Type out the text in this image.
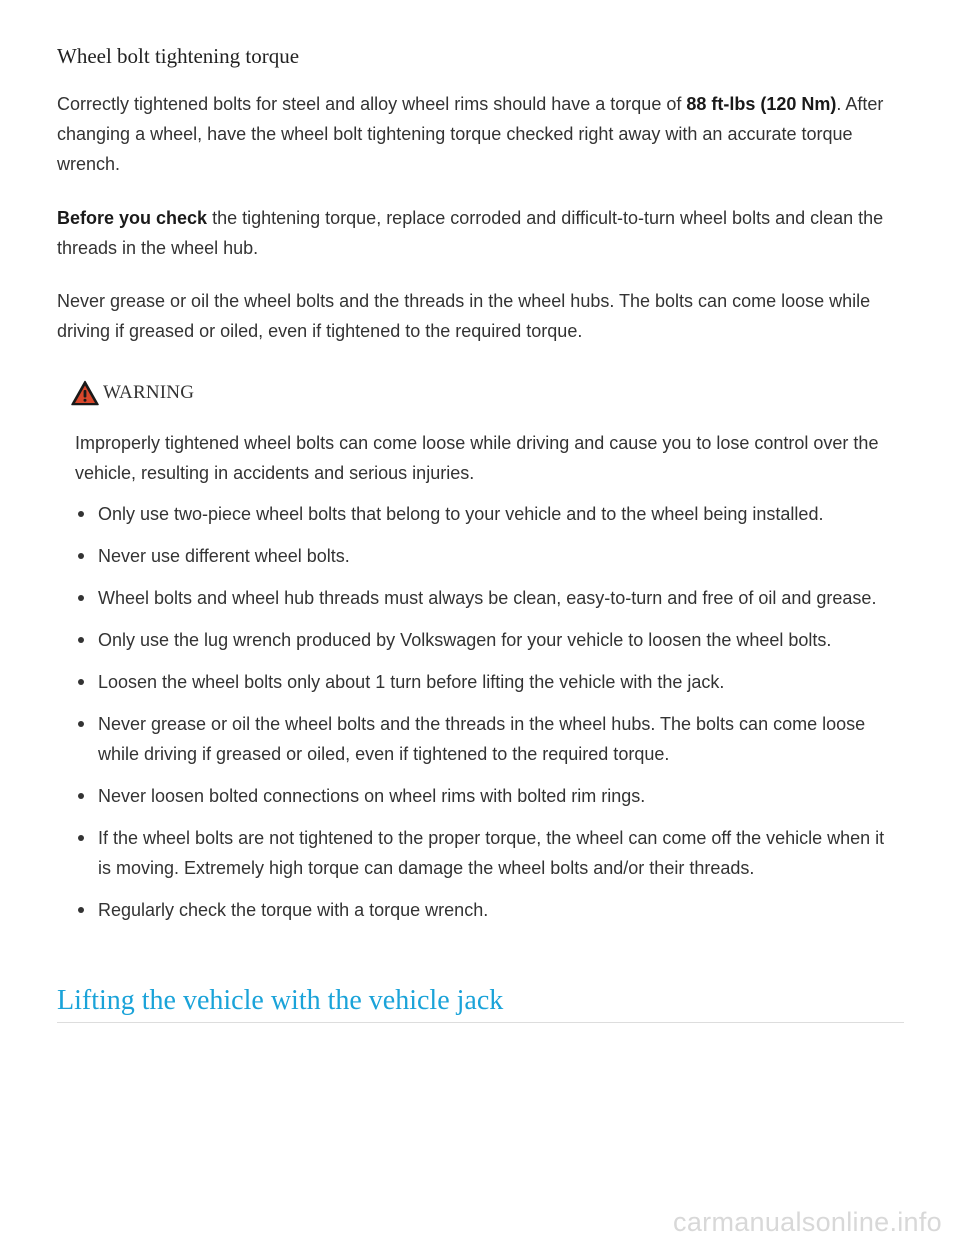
Wheel bolt tightening torque

Correctly tightened bolts for steel and alloy wheel rims should have a torque of 88 ft-lbs (120 Nm). After changing a wheel, have the wheel bolt tightening torque checked right away with an accurate torque wrench.

Before you check the tightening torque, replace corroded and difficult-to-turn wheel bolts and clean the threads in the wheel hub.

Never grease or oil the wheel bolts and the threads in the wheel hubs. The bolts can come loose while driving if greased or oiled, even if tightened to the required torque.

WARNING

Improperly tightened wheel bolts can come loose while driving and cause you to lose control over the vehicle, resulting in accidents and serious injuries.

Only use two-piece wheel bolts that belong to your vehicle and to the wheel being installed.
Never use different wheel bolts.
Wheel bolts and wheel hub threads must always be clean, easy-to-turn and free of oil and grease.
Only use the lug wrench produced by Volkswagen for your vehicle to loosen the wheel bolts.
Loosen the wheel bolts only about 1 turn before lifting the vehicle with the jack.
Never grease or oil the wheel bolts and the threads in the wheel hubs. The bolts can come loose while driving if greased or oiled, even if tightened to the required torque.
Never loosen bolted connections on wheel rims with bolted rim rings.
If the wheel bolts are not tightened to the proper torque, the wheel can come off the vehicle when it is moving. Extremely high torque can damage the wheel bolts and/or their threads.
Regularly check the torque with a torque wrench.
Lifting the vehicle with the vehicle jack
carmanualsonline.info
